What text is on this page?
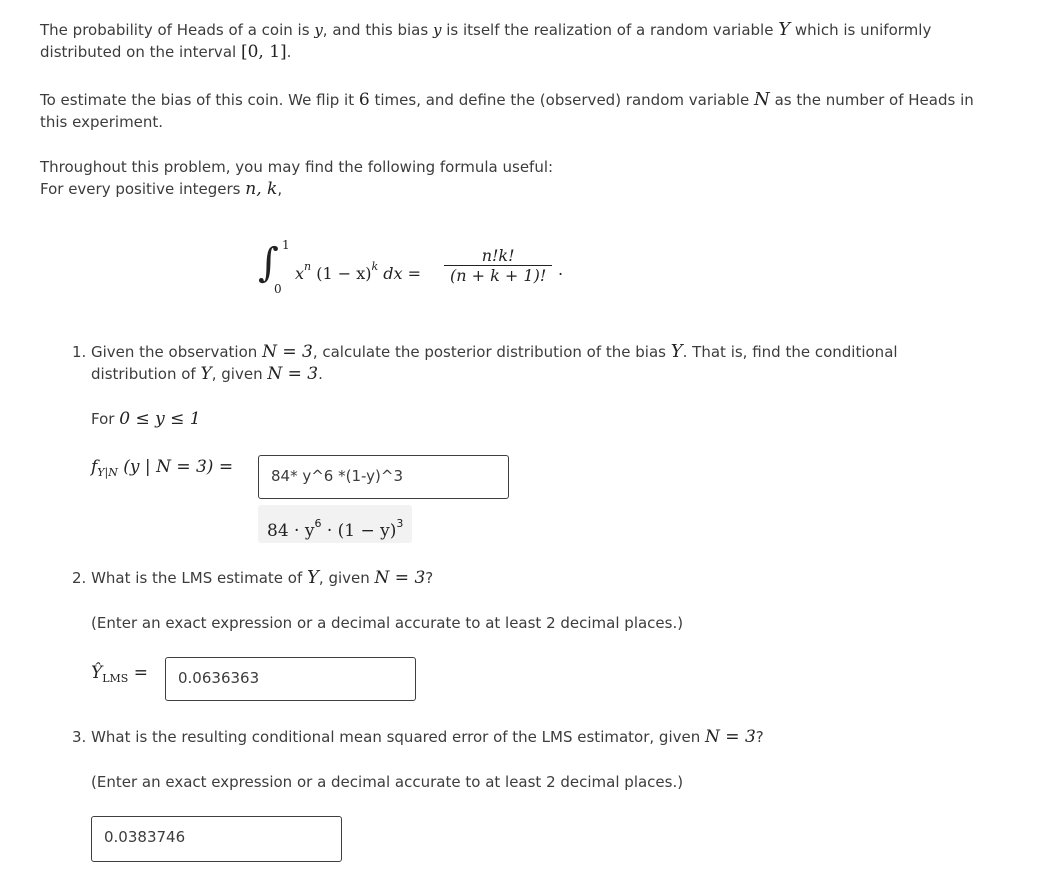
The probability of Heads of a coin is y, and this bias y is itself the realization of a random variable Y which is uniformly distributed on the interval [0, 1].
To estimate the bias of this coin. We flip it 6 times, and define the (observed) random variable N as the number of Heads in this experiment.
Throughout this problem, you may find the following formula useful:
For every positive integers n, k,
∫ 1
0
$x^n$ $(1 - x)^k$ dx = $\frac{n!k!}{(n + k + 1)!}$ .
1. Given the observation N = 3, calculate the posterior distribution of the bias Y. That is, find the conditional distribution of Y, given N = 3.
For 0 ≤ y ≤ 1
$f_{Y|N}$ (y | N = 3) =	84* y^6 *(1-y)^3
$84 \cdot y^6 \cdot (1 - y)^3$
2. What is the LMS estimate of Y, given N = 3?
(Enter an exact expression or a decimal accurate to at least 2 decimal places.)
$Ŷ_{LMS}$ =	0.0636363
3. What is the resulting conditional mean squared error of the LMS estimator, given N = 3?
(Enter an exact expression or a decimal accurate to at least 2 decimal places.)
0.0383746
